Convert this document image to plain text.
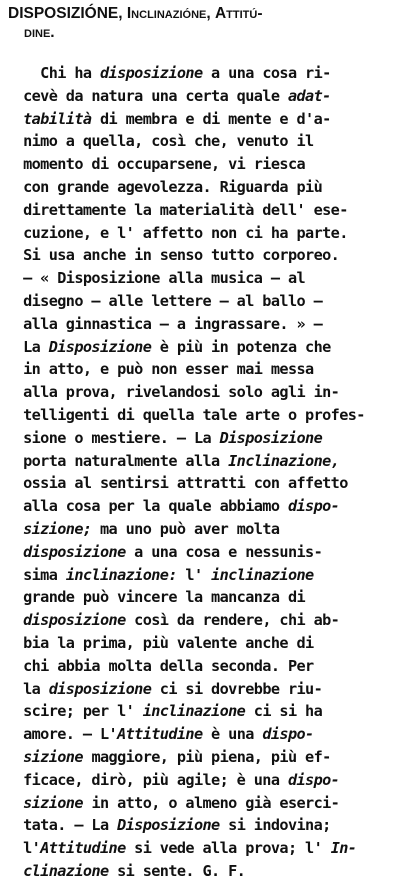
DISPOSIZIÓNE, Inclinazióne, Attitú-
dine.
Chi ha disposizione a una cosa ri-
cevè da natura una certa quale adat-
tabilità di membra e di mente e d'a-
nimo a quella, così che, venuto il
momento di occuparsene, vi riesca
con grande agevolezza. Riguarda più
direttamente la materialità dell' ese-
cuzione, e l' affetto non ci ha parte.
Si usa anche in senso tutto corporeo.
— « Disposizione alla musica — al
disegno — alle lettere — al ballo —
alla ginnastica — a ingrassare. » —
La Disposizione è più in potenza che
in atto, e può non esser mai messa
alla prova, rivelandosi solo agli in-
telligenti di quella tale arte o profes-
sione o mestiere. — La Disposizione
porta naturalmente alla Inclinazione,
ossia al sentirsi attratti con affetto
alla cosa per la quale abbiamo dispo-
sizione; ma uno può aver molta
disposizione a una cosa e nessunis-
sima inclinazione: l' inclinazione
grande può vincere la mancanza di
disposizione così da rendere, chi ab-
bia la prima, più valente anche di
chi abbia molta della seconda. Per
la disposizione ci si dovrebbe riu-
scire; per l' inclinazione ci si ha
amore. — L'Attitudine è una dispo-
sizione maggiore, più piena, più ef-
ficace, dirò, più agile; è una dispo-
sizione in atto, o almeno già eserci-
tata. — La Disposizione si indovina;
l'Attitudine si vede alla prova; l' In-
clinazione si sente. G. F.
